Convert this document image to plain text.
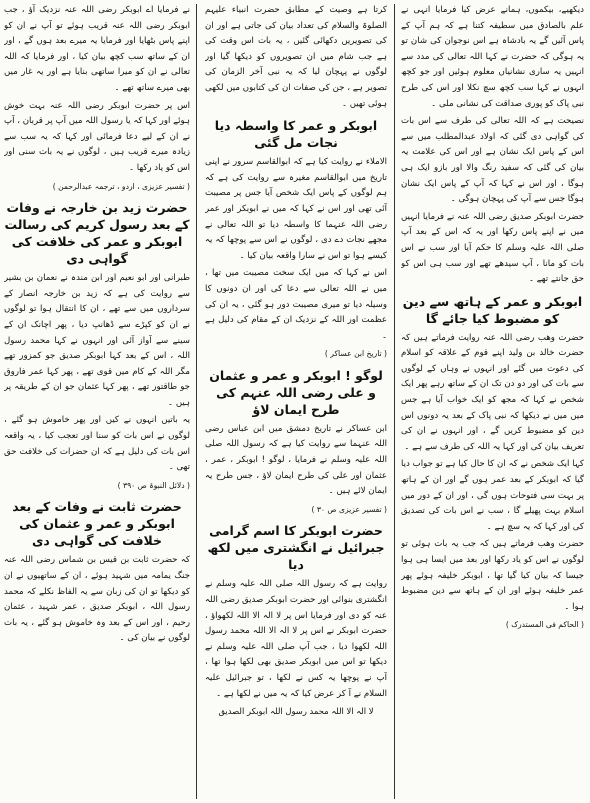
دیکھیے، بیکموں، ہمانے عرض کیا فرمایا انہی نے علم بالصادق میں سطیفہ کتنا ہے کہ ہم آپ کے پاس آئیں گے یہ بادشاہ ہے اس نوجوان کی شان تو یہ ہوگی کہ حضرت نے کہا اللہ تعالی کی مدد سے انہیں یہ ساری نشانیاں معلوم ہوئیں اور جو کچھ انہوں نے کہا سب کچھ سچ نکلا اور اس کی طرح نبی پاک کو پوری صداقت کی نشانی ملی ۔

نصیحت ہے کہ اللہ تعالی کی طرف سے اس بات کی گواہی دی گئی کہ اولاد عبدالمطلب میں سے اس کے پاس ایک نشان ہے اور اس کی علامت یہ بیان کی گئی کہ سفید رنگ والا اور بازو ایک ہی ہوگا ، اور اس نے کہا کہ آپ کے پاس ایک نشان ہوگا جس سے آپ کی پہچان ہوگی ۔

حضرت ابوبکر صدیق رضی اللہ عنہ نے فرمایا انہیں میں نے اپنے پاس رکھا اور یہ کہ اس کے بعد آپ صلی اللہ علیہ وسلم کا حکم آیا اور سب نے اس بات کو مانا ، آپ سیدھے تھے اور سب ہی اس کو حق جانتے تھے ۔

ابوبکر و عمر کے ہاتھ سے دین کو مضبوط کیا جائے گا

حضرت وھب رضی اللہ عنہ روایت فرماتے ہیں کہ حضرت خالد بن ولید اپنے قوم کے علاقہ کو اسلام کی دعوت میں گئے اور انہوں نے وہاں کے لوگوں سے بات کی اور دو دن تک ان کے ساتھ رہے پھر ایک شخص نے کہا کہ مجھ کو ایک خواب آیا ہے جس میں میں نے دیکھا کہ نبی پاک کے بعد یہ دونوں اس دین کو مضبوط کریں گے ، اور انہوں نے ان کی تعریف بیان کی اور کہا یہ اللہ کی طرف سے ہے ۔

کہا ایک شخص نے کہ ان کا حال کیا ہے تو جواب دیا گیا کہ ابوبکر کے بعد عمر ہوں گے اور ان کے ہاتھ پر بہت سی فتوحات ہوں گی ، اور ان کے دور میں اسلام بہت پھیلے گا ، سب نے اس بات کی تصدیق کی اور کہا کہ یہ سچ ہے ۔

حضرت وھب فرماتے ہیں کہ جب یہ بات ہوئی تو لوگوں نے اس کو یاد رکھا اور بعد میں ایسا ہی ہوا جیسا کہ بیان کیا گیا تھا ، ابوبکر خلیفہ ہوئے پھر عمر خلیفہ ہوئے اور ان کے ہاتھ سے دین مضبوط ہوا ۔

( الحاکم فی المستدرک )

کرتا ہے وصیت کے مطابق حضرت انبیاء علیہم الصلوۃ والسلام کی تعداد بیان کی جاتی ہے اور ان کی تصویریں دکھائی گئیں ، یہ بات اس وقت کی ہے جب شام میں ان تصویروں کو دیکھا گیا اور لوگوں نے پہچان لیا کہ یہ نبی آخر الزمان کی تصویر ہے ، جن کی صفات ان کی کتابوں میں لکھی ہوئی تھیں ۔

ابوبکر و عمر کا واسطہ دیا نجات مل گئی

الاملاء نے روایت کیا ہے کہ ابوالقاسم سرور نے اپنی تاریخ میں ابوالقاسم مغیرہ سے روایت کی ہے کہ ہم لوگوں کے پاس ایک شخص آیا جس پر مصیبت آئی تھی اور اس نے کہا کہ میں نے ابوبکر اور عمر رضی اللہ عنہما کا واسطہ دیا تو اللہ تعالی نے مجھے نجات دے دی ، لوگوں نے اس سے پوچھا کہ یہ کیسے ہوا تو اس نے سارا واقعہ بیان کیا ۔

اس نے کہا کہ میں ایک سخت مصیبت میں تھا ، میں نے اللہ تعالی سے دعا کی اور ان دونوں کا وسیلہ دیا تو میری مصیبت دور ہو گئی ، یہ ان کی عظمت اور اللہ کے نزدیک ان کے مقام کی دلیل ہے ۔

( تاریخ ابن عساکر )

لوگو ! ابوبکر و عمر و عثمان و علی رضی اللہ عنہم کی طرح ایمان لاؤ

ابن عساکر نے تاریخ دمشق میں ابن عباس رضی اللہ عنہما سے روایت کیا ہے کہ رسول اللہ صلی اللہ علیہ وسلم نے فرمایا ، لوگو ! ابوبکر ، عمر ، عثمان اور علی کی طرح ایمان لاؤ ، جس طرح یہ ایمان لائے ہیں ۔

( تفسیر عزیزی ص ۳۰ )

حضرت ابوبکر کا اسم گرامی جبرائیل نے انگشتری میں لکھ دیا

روایت ہے کہ رسول اللہ صلی اللہ علیہ وسلم نے انگشتری بنوائی اور حضرت ابوبکر صدیق رضی اللہ عنہ کو دی اور فرمایا اس پر لا الہ الا اللہ لکھواؤ ، حضرت ابوبکر نے اس پر لا الہ الا اللہ محمد رسول اللہ لکھوا دیا ، جب آپ صلی اللہ علیہ وسلم نے دیکھا تو اس میں ابوبکر صدیق بھی لکھا ہوا تھا ، آپ نے پوچھا یہ کس نے لکھا ، تو جبرائیل علیہ السلام نے آ کر عرض کیا کہ یہ میں نے لکھا ہے ۔

لا الہ الا اللہ محمد رسول اللہ ابوبکر الصدیق

نے فرمایا اے ابوبکر رضی اللہ عنہ نزدیک آؤ ، جب ابوبکر رضی اللہ عنہ قریب ہوئے تو آپ نے ان کو اپنے پاس بٹھایا اور فرمایا یہ میرے بعد ہوں گے ، اور ان کے ساتھ سب کچھ بیان کیا ، اور فرمایا کہ اللہ تعالی نے ان کو میرا ساتھی بنایا ہے اور یہ غار میں بھی میرے ساتھ تھے ۔

اس پر حضرت ابوبکر رضی اللہ عنہ بہت خوش ہوئے اور کہا کہ یا رسول اللہ میں آپ پر قربان ، آپ نے ان کے لیے دعا فرمائی اور کہا کہ یہ سب سے زیادہ میرے قریب ہیں ، لوگوں نے یہ بات سنی اور اس کو یاد رکھا ۔

( تفسیر عزیزی ، اردو ، ترجمہ عبدالرحمن )

حضرت زید بن خارجہ نے وفات کے بعد رسول کریم کی رسالت ابوبکر و عمر کی خلافت کی گواہی دی

طبرانی اور ابو نعیم اور ابن مندہ نے نعمان بن بشیر سے روایت کی ہے کہ زید بن خارجہ انصار کے سرداروں میں سے تھے ، ان کا انتقال ہوا تو لوگوں نے ان کو کپڑے سے ڈھانپ دیا ، پھر اچانک ان کے سینے سے آواز آئی اور انہوں نے کہا محمد رسول اللہ ، اس کے بعد کہا ابوبکر صدیق جو کمزور تھے مگر اللہ کے کام میں قوی تھے ، پھر کہا عمر فاروق جو طاقتور تھے ، پھر کہا عثمان جو ان کے طریقہ پر ہیں ۔

یہ باتیں انہوں نے کیں اور پھر خاموش ہو گئے ، لوگوں نے اس بات کو سنا اور تعجب کیا ، یہ واقعہ اس بات کی دلیل ہے کہ ان حضرات کی خلافت حق تھی ۔

( دلائل النبوۃ ص ۳۹۰ )

حضرت ثابت نے وفات کے بعد ابوبکر و عمر و عثمان کی خلافت کی گواہی دی

کہ حضرت ثابت بن قیس بن شماس رضی اللہ عنہ جنگ یمامہ میں شہید ہوئے ، ان کے ساتھیوں نے ان کو دیکھا تو ان کی زبان سے یہ الفاظ نکلے کہ محمد رسول اللہ ، ابوبکر صدیق ، عمر شہید ، عثمان رحیم ، اور اس کے بعد وہ خاموش ہو گئے ، یہ بات لوگوں نے بیان کی ۔
